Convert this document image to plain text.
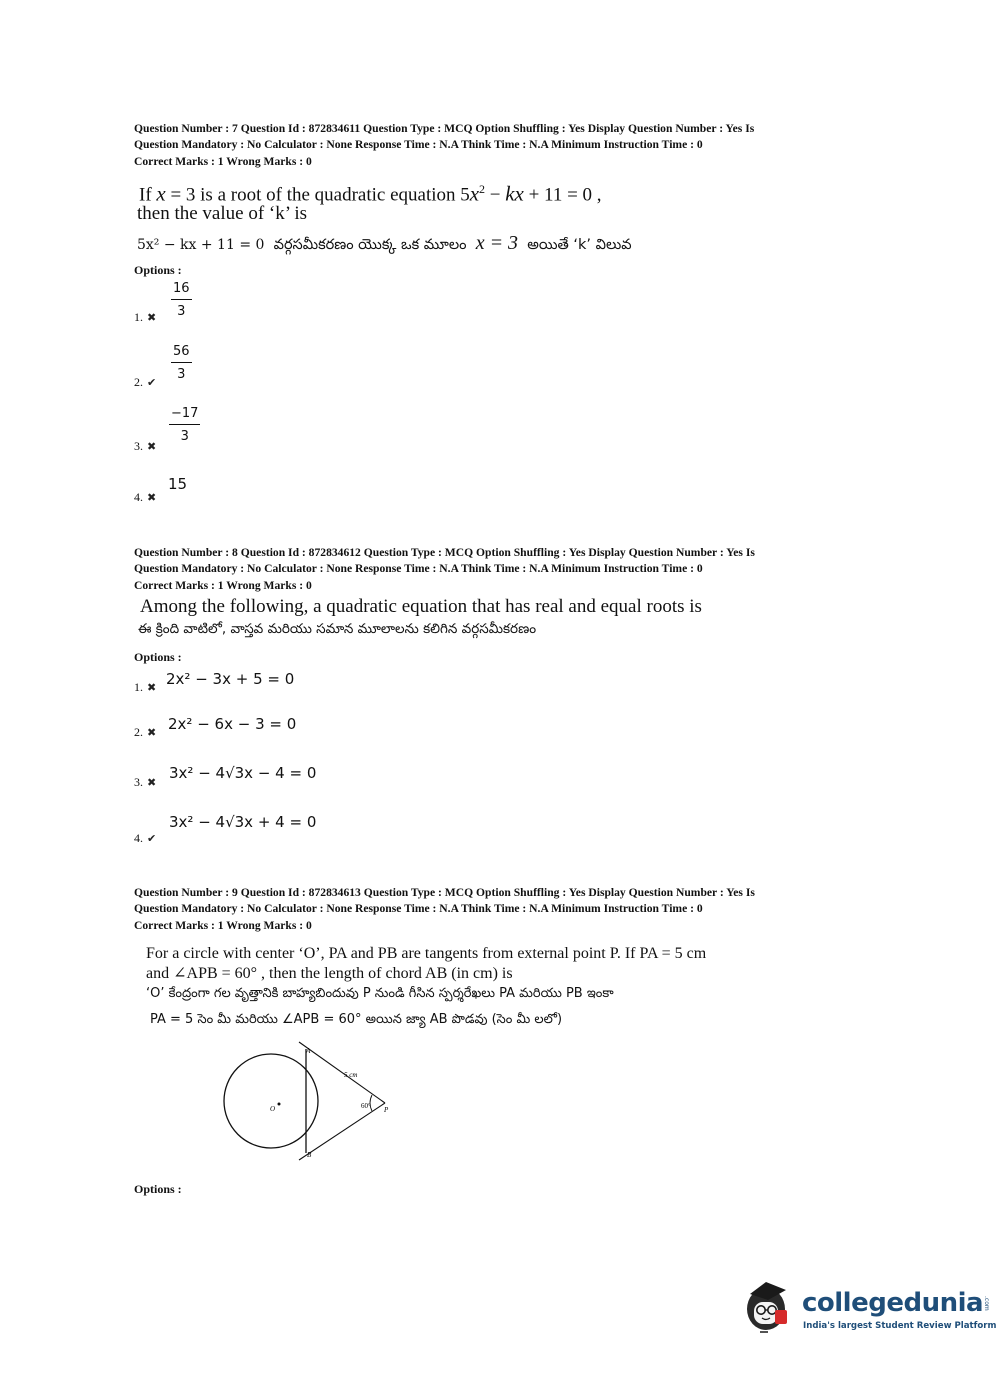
Question Number : 7 Question Id : 872834611 Question Type : MCQ Option Shuffling : Yes Display Question Number : Yes Is
Question Mandatory : No Calculator : None Response Time : N.A Think Time : N.A Minimum Instruction Time : 0
Correct Marks : 1 Wrong Marks : 0
If x = 3 is a root of the quadratic equation $5x^2$ − kx + 11 = 0 ,
then the value of ‘k’ is
5x² − kx + 11 = 0 వర్గసమీకరణం యొక్క ఒక మూలం x = 3 అయితే ‘k’ విలువ
Options :
1. ✖ $\frac{16}{3}$
2. ✔
$\frac{56}{3}$
3. ✖
$\frac{-17}{3}$
4. ✖
15
Question Number : 8 Question Id : 872834612 Question Type : MCQ Option Shuffling : Yes Display Question Number : Yes Is
Question Mandatory : No Calculator : None Response Time : N.A Think Time : N.A Minimum Instruction Time : 0
Correct Marks : 1 Wrong Marks : 0
Among the following, a quadratic equation that has real and equal roots is
ఈ క్రింది వాటిలో, వాస్తవ మరియు సమాన మూలాలను కలిగిన వర్గసమీకరణం
Options :
1. ✖ 2x² − 3x + 5 = 0
2. ✖ 2x² − 6x − 3 = 0
3. ✖
3x² − 4√3x − 4 = 0
4. ✔
3x² − 4√3x + 4 = 0
Question Number : 9 Question Id : 872834613 Question Type : MCQ Option Shuffling : Yes Display Question Number : Yes Is
Question Mandatory : No Calculator : None Response Time : N.A Think Time : N.A Minimum Instruction Time : 0
Correct Marks : 1 Wrong Marks : 0
For a circle with center ‘O’, PA and PB are tangents from external point P. If PA = 5 cm
and ∠APB = 60° , then the length of chord AB (in cm) is
‘O’ కేంద్రంగా గల వృత్తానికి బాహ్యబిందువు P నుండి గీసిన స్పర్శరేఖలు PA మరియు PB ఇంకా
PA = 5 సెం మీ మరియు ∠APB = 60° అయిన జ్యా AB పొడవు (సెం మీ లలో)
A
B
O	P
5 cm
60°
Options :
collegedunia.com
India's largest Student Review Platform
